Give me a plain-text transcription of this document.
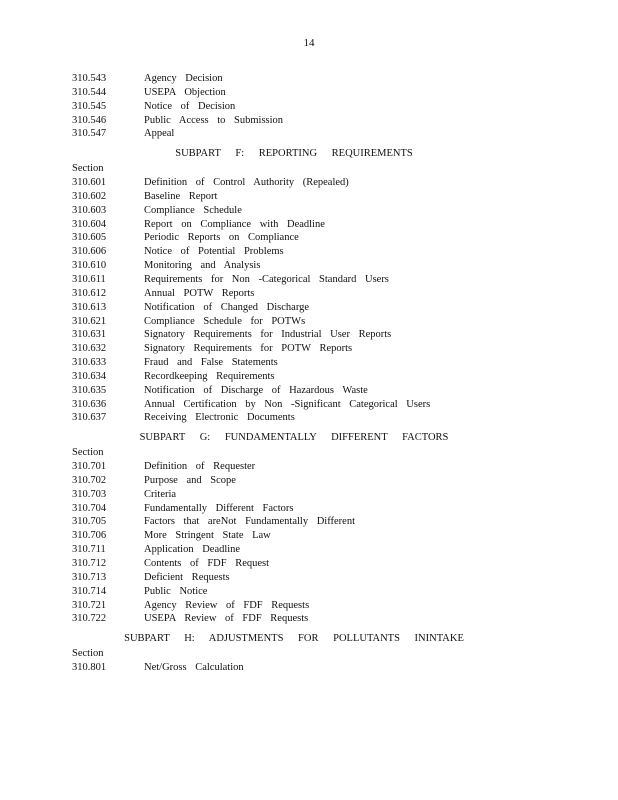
14
310.543	Agency Decision
310.544	USEPA Objection
310.545	Notice of Decision
310.546	Public Access to Submission
310.547	Appeal
SUBPART F: REPORTING REQUIREMENTS
Section
310.601	Definition of Control Authority (Repealed)
310.602	Baseline Report
310.603	Compliance Schedule
310.604	Report on Compliance with Deadline
310.605	Periodic Reports on Compliance
310.606	Notice of Potential Problems
310.610	Monitoring and Analysis
310.611	Requirements for Non -Categorical Standard Users
310.612	Annual POTW Reports
310.613	Notification of Changed Discharge
310.621	Compliance Schedule for POTWs
310.631	Signatory Requirements for Industrial User Reports
310.632	Signatory Requirements for POTW Reports
310.633	Fraud and False Statements
310.634	Recordkeeping Requirements
310.635	Notification of Discharge of Hazardous Waste
310.636	Annual Certification by Non -Significant Categorical Users
310.637	Receiving Electronic Documents
SUBPART G: FUNDAMENTALLY DIFFERENT FACTORS
Section
310.701	Definition of Requester
310.702	Purpose and Scope
310.703	Criteria
310.704	Fundamentally Different Factors
310.705	Factors that areNot Fundamentally Different
310.706	More Stringent State Law
310.711	Application Deadline
310.712	Contents of FDF Request
310.713	Deficient Requests
310.714	Public Notice
310.721	Agency Review of FDF Requests
310.722	USEPA Review of FDF Requests
SUBPART H: ADJUSTMENTS FOR POLLUTANTS ININTAKE
Section
310.801	Net/Gross Calculation
